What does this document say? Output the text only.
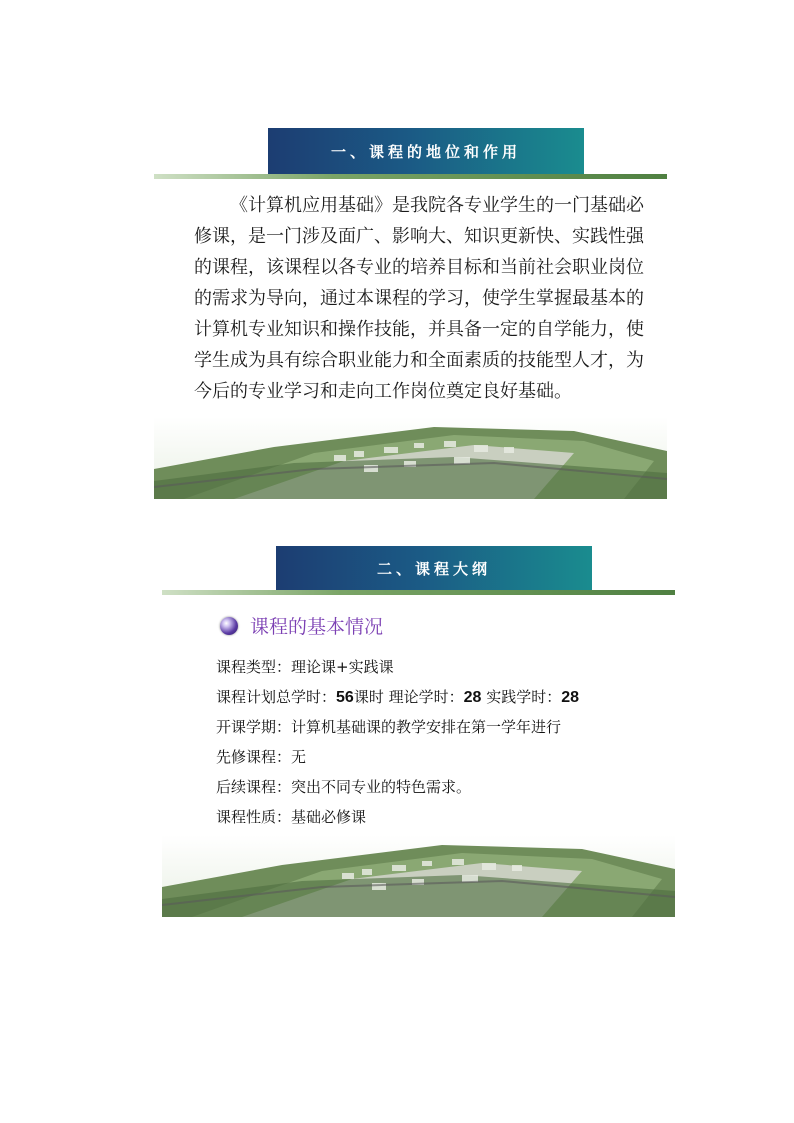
一、课程的地位和作用

《计算机应用基础》是我院各专业学生的一门基础必修课，是一门涉及面广、影响大、知识更新快、实践性强的课程，该课程以各专业的培养目标和当前社会职业岗位的需求为导向，通过本课程的学习，使学生掌握最基本的计算机专业知识和操作技能，并具备一定的自学能力，使学生成为具有综合职业能力和全面素质的技能型人才，为今后的专业学习和走向工作岗位奠定良好基础。

二、课程大纲
课程的基本情况
课程类型：理论课+实践课
课程计划总学时：56课时 理论学时：28 实践学时：28
开课学期：计算机基础课的教学安排在第一学年进行
先修课程：无
后续课程：突出不同专业的特色需求。
课程性质：基础必修课
